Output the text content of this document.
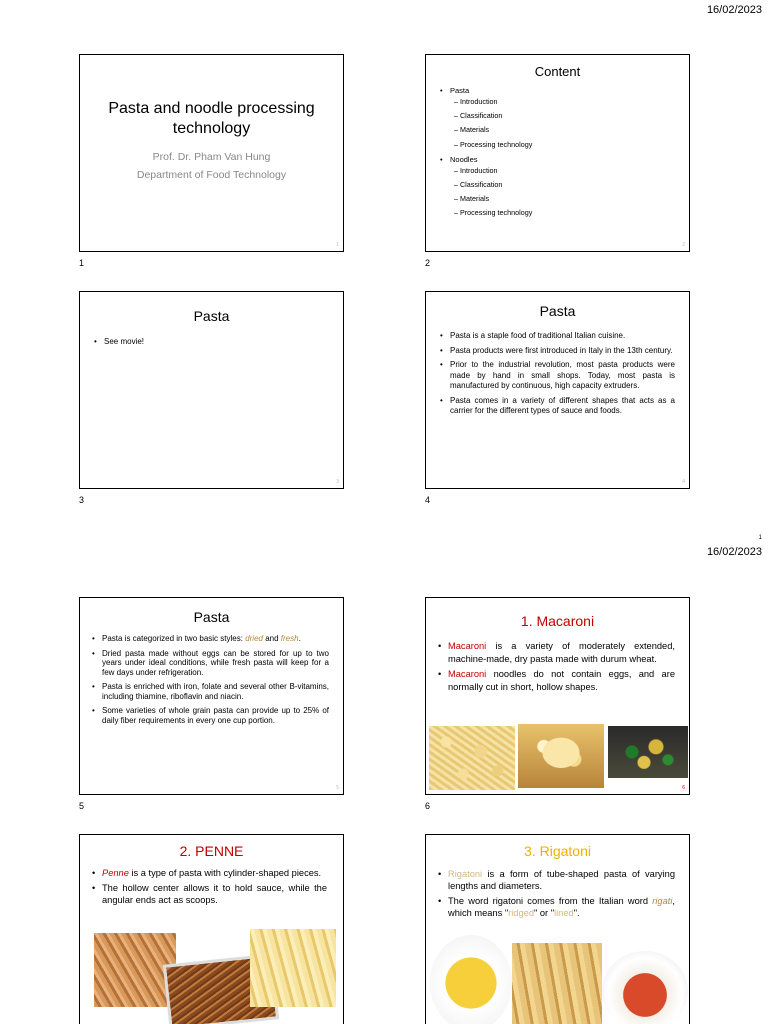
16/02/2023
Pasta and noodle processing technology
Prof. Dr. Pham Van Hung
Department of Food Technology
1
1
Content
• Pasta
– Introduction
– Classification
– Materials
– Processing technology
• Noodles
– Introduction
– Classification
– Materials
– Processing technology
2
2
Pasta
• See movie!
3
3
Pasta
• Pasta is a staple food of traditional Italian cuisine.
• Pasta products were first introduced in Italy in the 13th century.
• Prior to the industrial revolution, most pasta products were made by hand in small shops. Today, most pasta is manufactured by continuous, high capacity extruders.
• Pasta comes in a variety of different shapes that acts as a carrier for the different types of sauce and foods.
4
4
1
16/02/2023
Pasta
• Pasta is categorized in two basic styles: dried and fresh.
• Dried pasta made without eggs can be stored for up to two years under ideal conditions, while fresh pasta will keep for a few days under refrigeration.
• Pasta is enriched with iron, folate and several other B-vitamins, including thiamine, riboflavin and niacin.
• Some varieties of whole grain pasta can provide up to 25% of daily fiber requirements in every one cup portion.
5
5
1. Macaroni
• Macaroni is a variety of moderately extended, machine-made, dry pasta made with durum wheat.
• Macaroni noodles do not contain eggs, and are normally cut in short, hollow shapes.
6
6
2. PENNE
• Penne is a type of pasta with cylinder-shaped pieces.
• The hollow center allows it to hold sauce, while the angular ends act as scoops.
3. Rigatoni
• Rigatoni is a form of tube-shaped pasta of varying lengths and diameters.
• The word rigatoni comes from the Italian word rigati, which means "ridged" or "lined".
